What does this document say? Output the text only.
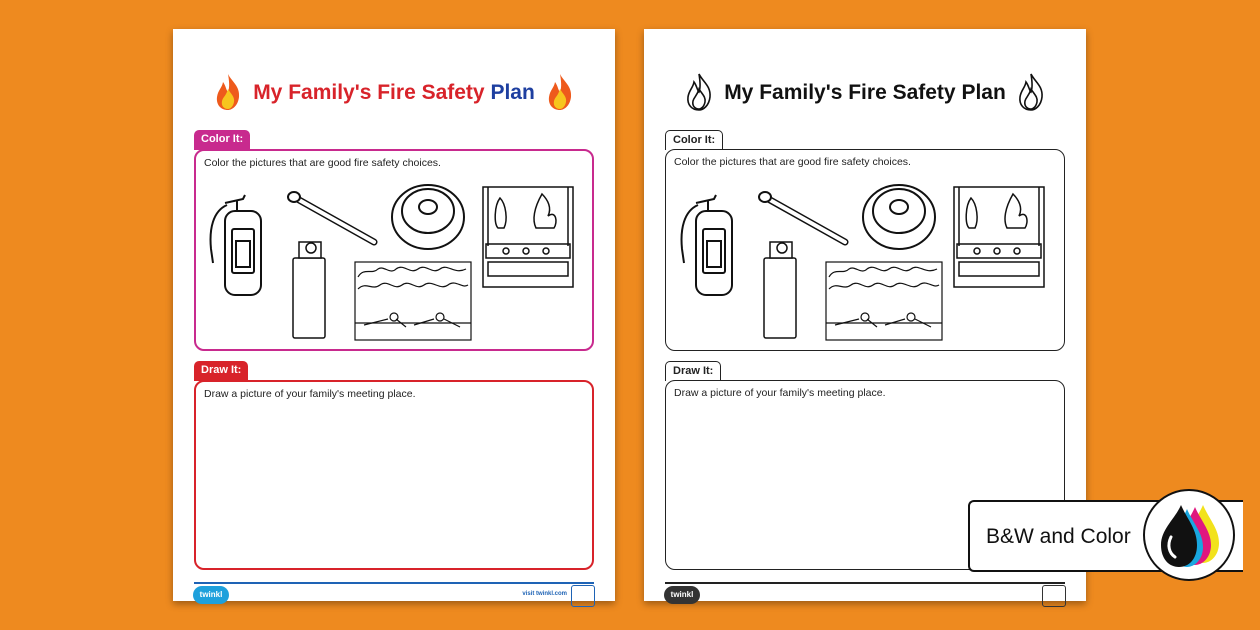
My Family's Fire Safety Plan
Color It:
Color the pictures that are good fire safety choices.
Draw It:
Draw a picture of your family's meeting place.
twinkl	visit twinkl.com
My Family's Fire Safety Plan
Color It:
Color the pictures that are good fire safety choices.
Draw It:
Draw a picture of your family's meeting place.
twinkl
B&W and Color
